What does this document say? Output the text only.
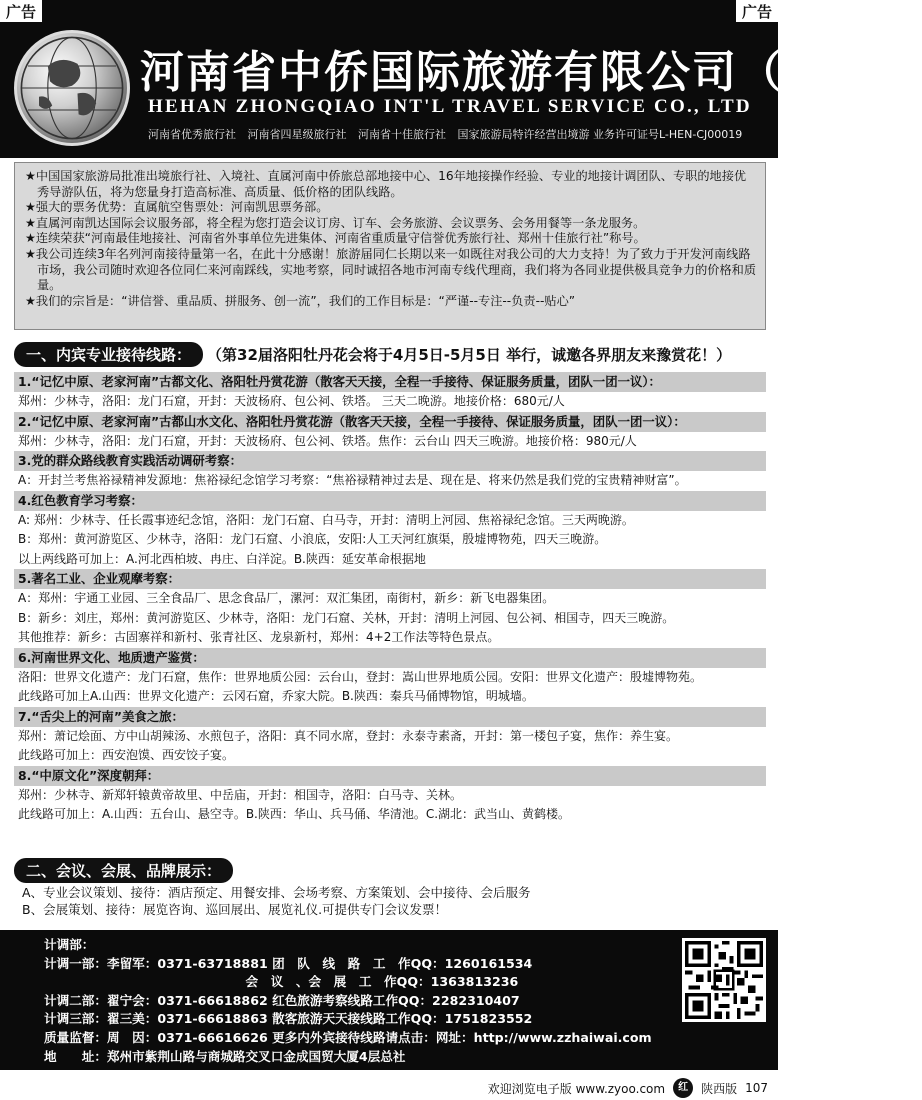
广告	广告
河南省中侨国际旅游有限公司（总社）
HEHAN ZHONGQIAO INT'L TRAVEL SERVICE CO., LTD
河南省优秀旅行社 河南省四星级旅行社 河南省十佳旅行社 国家旅游局特许经营出境游 业务许可证号L-HEN-CJ00019

★中国国家旅游局批准出境旅行社、入境社、直属河南中侨旅总部地接中心、16年地接操作经验、专业的地接计调团队、专职的地接优秀导游队伍，将为您量身打造高标准、高质量、低价格的团队线路。

★强大的票务优势：直属航空售票处：河南凯思票务部。

★直属河南凯达国际会议服务部，将全程为您打造会议订房、订车、会务旅游、会议票务、会务用餐等一条龙服务。

★连续荣获“河南最佳地接社、河南省外事单位先进集体、河南省重质量守信誉优秀旅行社、郑州十佳旅行社”称号。

★我公司连续3年名列河南接待量第一名，在此十分感谢！旅游届同仁长期以来一如既往对我公司的大力支持！为了致力于开发河南线路市场，我公司随时欢迎各位同仁来河南踩线，实地考察，同时诚招各地市河南专线代理商，我们将为各同业提供极具竞争力的价格和质量。

★我们的宗旨是：“讲信誉、重品质、拼服务、创一流”，我们的工作目标是：“严谨--专注--负责--贴心”

一、内宾专业接待线路：	（第32届洛阳牡丹花会将于4月5日-5月5日 举行，诚邀各界朋友来豫赏花！）
1.“记忆中原、老家河南”古都文化、洛阳牡丹赏花游（散客天天接，全程一手接待、保证服务质量，团队一团一议）：
郑州：少林寺，洛阳：龙门石窟，开封：天波杨府、包公祠、铁塔。 三天二晚游。地接价格：680元/人
2.“记忆中原、老家河南”古都山水文化、洛阳牡丹赏花游（散客天天接，全程一手接待、保证服务质量，团队一团一议）：
郑州：少林寺，洛阳：龙门石窟，开封：天波杨府、包公祠、铁塔。焦作：云台山 四天三晚游。地接价格：980元/人
3.党的群众路线教育实践活动调研考察：
A：开封兰考焦裕禄精神发源地：焦裕禄纪念馆学习考察：“焦裕禄精神过去是、现在是、将来仍然是我们党的宝贵精神财富”。
4.红色教育学习考察：
A: 郑州：少林寺、任长霞事迹纪念馆，洛阳：龙门石窟、白马寺，开封：清明上河园、焦裕禄纪念馆。三天两晚游。
B：郑州：黄河游览区、少林寺，洛阳：龙门石窟、小浪底，安阳:人工天河红旗渠，殷墟博物苑，四天三晚游。
以上两线路可加上：A.河北西柏坡、冉庄、白洋淀。B.陕西：延安革命根据地
5.著名工业、企业观摩考察：
A：郑州：宇通工业园、三全食品厂、思念食品厂，漯河：双汇集团，南街村，新乡：新飞电器集团。
B：新乡：刘庄，郑州：黄河游览区、少林寺，洛阳：龙门石窟、关林，开封：清明上河园、包公祠、相国寺，四天三晚游。
其他推荐：新乡：古固寨祥和新村、张青社区、龙泉新村，郑州：4+2工作法等特色景点。
6.河南世界文化、地质遗产鉴赏：
洛阳：世界文化遗产：龙门石窟，焦作：世界地质公园：云台山，登封：嵩山世界地质公园。安阳：世界文化遗产：殷墟博物苑。
此线路可加上A.山西：世界文化遗产：云冈石窟，乔家大院。B.陕西：秦兵马俑博物馆，明城墙。
7.“舌尖上的河南”美食之旅：
郑州：萧记烩面、方中山胡辣汤、水煎包子，洛阳：真不同水席，登封：永泰寺素斋，开封：第一楼包子宴，焦作：养生宴。
此线路可加上：西安泡馍、西安饺子宴。
8.“中原文化”深度朝拜：
郑州：少林寺、新郑轩辕黄帝故里、中岳庙，开封：相国寺，洛阳：白马寺、关林。
此线路可加上：A.山西：五台山、悬空寺。B.陕西：华山、兵马俑、华清池。C.湖北：武当山、黄鹤楼。
二、会议、会展、品牌展示：
A、专业会议策划、接待：酒店预定、用餐安排、会场考察、方案策划、会中接待、会后服务
B、会展策划、接待：展览咨询、巡回展出、展览礼仪.可提供专门会议发票！
计调部：
计调一部：李留军：0371-63718881 团　队　线　路　工　作QQ：1260161534
　　　　　　　　　　　　　　　　会　议　、会　展　工　作QQ：1363813236
计调二部：翟宁会：0371-66618862 红色旅游考察线路工作QQ：2282310407
计调三部：翟三美：0371-66618863 散客旅游天天接线路工作QQ：1751823552
质量监督：周　因：0371-66616626 更多内外宾接待线路请点击：网址：http://www.zzhaiwai.com
地　　址：郑州市紫荆山路与商城路交叉口金成国贸大厦4层总社
欢迎浏览电子版 www.zyoo.com	红	陕西版 107
